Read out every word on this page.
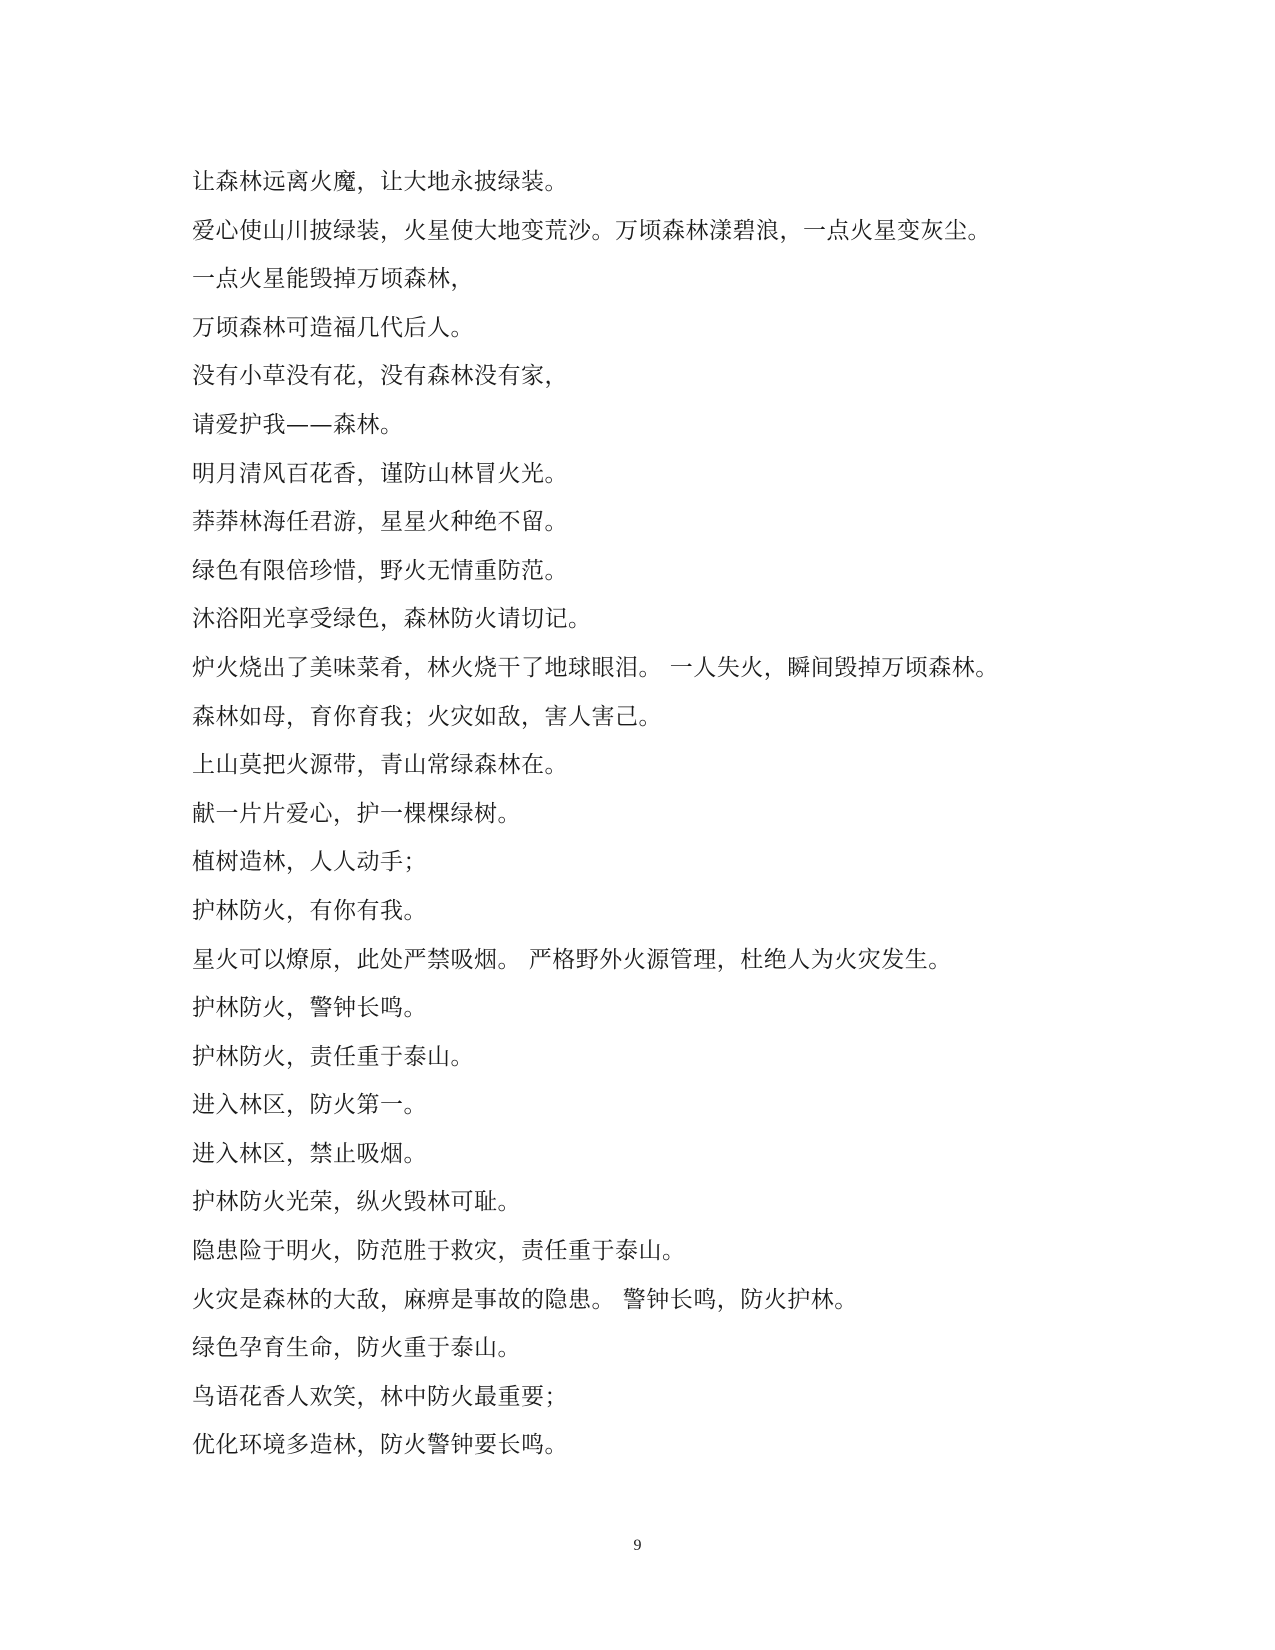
让森林远离火魔，让大地永披绿装。
爱心使山川披绿装，火星使大地变荒沙。万顷森林漾碧浪，一点火星变灰尘。
一点火星能毁掉万顷森林，
万顷森林可造福几代后人。
没有小草没有花，没有森林没有家，
请爱护我——森林。
明月清风百花香，谨防山林冒火光。
莽莽林海任君游，星星火种绝不留。
绿色有限倍珍惜，野火无情重防范。
沐浴阳光享受绿色，森林防火请切记。
炉火烧出了美味菜肴，林火烧干了地球眼泪。 一人失火，瞬间毁掉万顷森林。
森林如母，育你育我；火灾如敌，害人害己。
上山莫把火源带，青山常绿森林在。
献一片片爱心，护一棵棵绿树。
植树造林，人人动手；
护林防火，有你有我。
星火可以燎原，此处严禁吸烟。 严格野外火源管理，杜绝人为火灾发生。
护林防火，警钟长鸣。
护林防火，责任重于泰山。
进入林区，防火第一。
进入林区，禁止吸烟。
护林防火光荣，纵火毁林可耻。
隐患险于明火，防范胜于救灾，责任重于泰山。
火灾是森林的大敌，麻痹是事故的隐患。 警钟长鸣，防火护林。
绿色孕育生命，防火重于泰山。
鸟语花香人欢笑，林中防火最重要；
优化环境多造林，防火警钟要长鸣。
9
